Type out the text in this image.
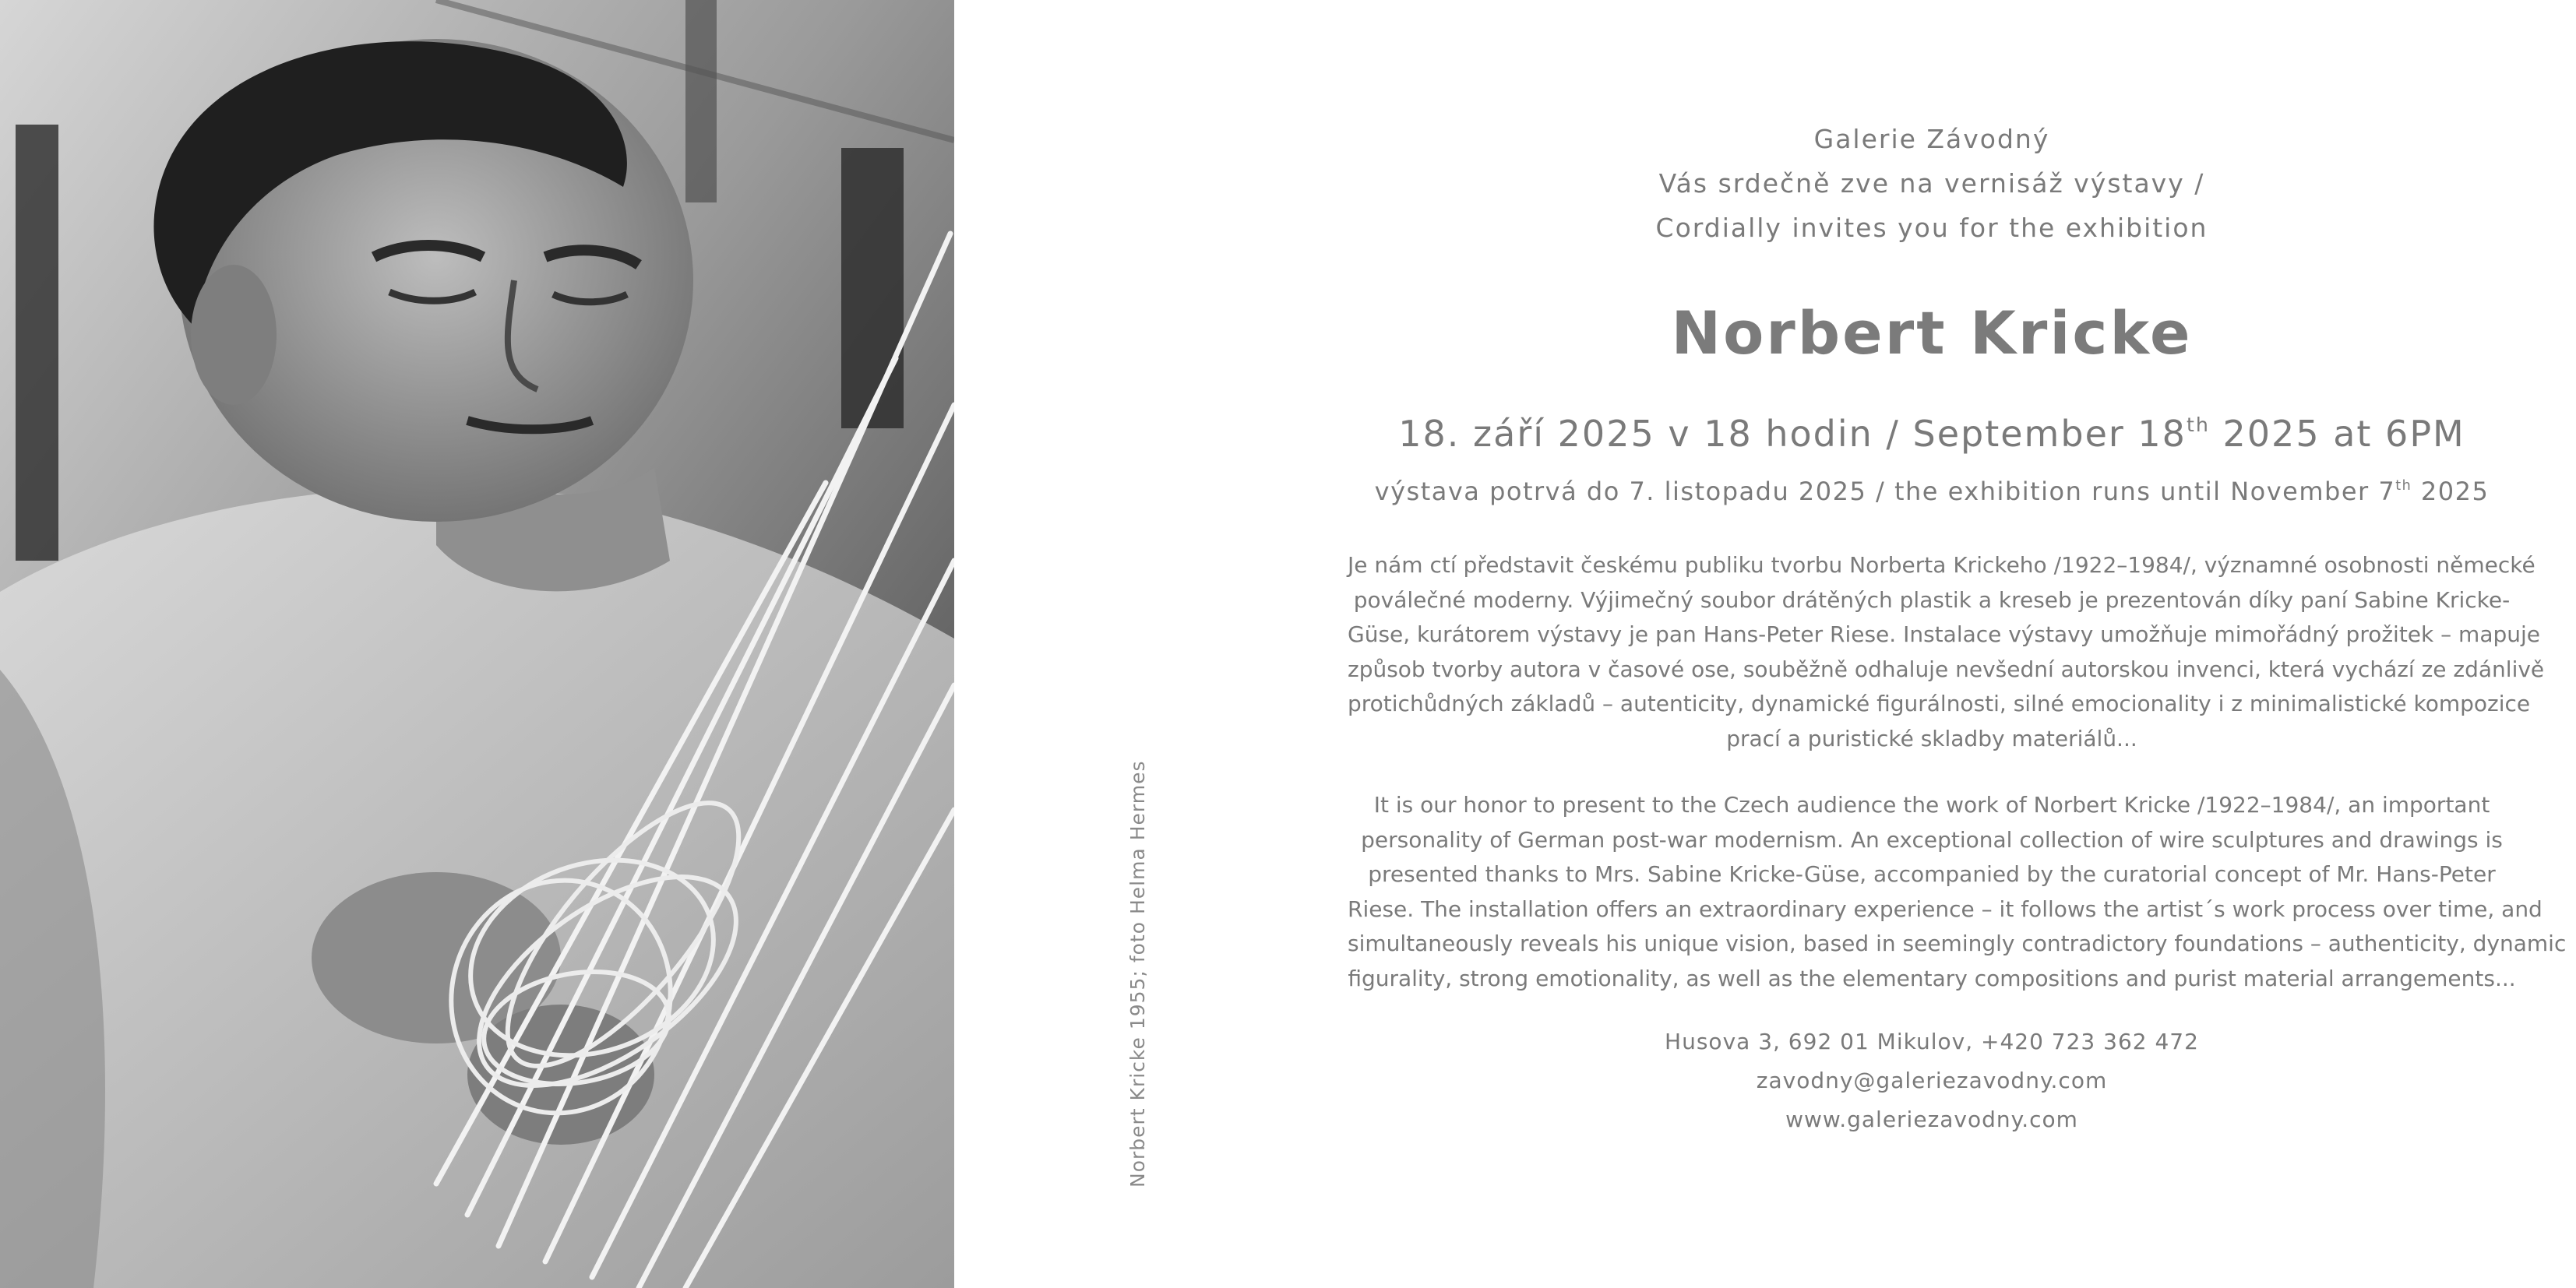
Norbert Kricke 1955; foto Helma Hermes
Galerie Závodný
Vás srdečně zve na vernisáž výstavy /
Cordially invites you for the exhibition
Norbert Kricke
18. září 2025 v 18 hodin / September 18th 2025 at 6PM
výstava potrvá do 7. listopadu 2025 / the exhibition runs until November 7th 2025
Je nám ctí představit českému publiku tvorbu Norberta Krickeho /1922–1984/, významné osobnosti německé
poválečné moderny. Výjimečný soubor drátěných plastik a kreseb je prezentován díky paní Sabine Kricke-
Güse, kurátorem výstavy je pan Hans-Peter Riese. Instalace výstavy umožňuje mimořádný prožitek – mapuje
způsob tvorby autora v časové ose, souběžně odhaluje nevšední autorskou invenci, která vychází ze zdánlivě
protichůdných základů – autenticity, dynamické figurálnosti, silné emocionality i z minimalistické kompozice
prací a puristické skladby materiálů...
It is our honor to present to the Czech audience the work of Norbert Kricke /1922–1984/, an important
personality of German post-war modernism. An exceptional collection of wire sculptures and drawings is
presented thanks to Mrs. Sabine Kricke-Güse, accompanied by the curatorial concept of Mr. Hans-Peter
Riese. The installation offers an extraordinary experience – it follows the artist´s work process over time, and
simultaneously reveals his unique vision, based in seemingly contradictory foundations – authenticity, dynamic
figurality, strong emotionality, as well as the elementary compositions and purist material arrangements...
Husova 3, 692 01 Mikulov, +420 723 362 472
zavodny@galeriezavodny.com
www.galeriezavodny.com
